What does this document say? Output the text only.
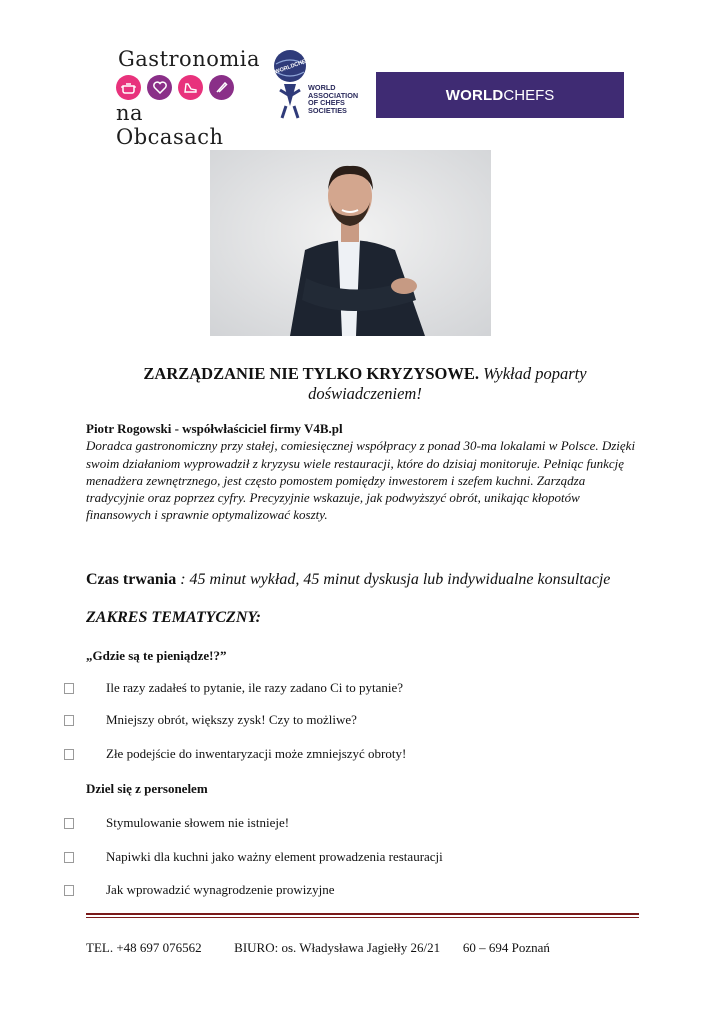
Gastronomia
na Obcasach
WORLDCHEFS
WORLD
ASSOCIATION
OF CHEFS
SOCIETIES
WORLD CHEFS
ZARZĄDZANIE NIE TYLKO KRYZYSOWE. Wykład poparty
doświadczeniem!
Piotr Rogowski - współwłaściciel firmy V4B.pl
Doradca gastronomiczny przy stałej, comiesięcznej współpracy z ponad 30-ma lokalami w Polsce. Dzięki swoim działaniom wyprowadził z kryzysu wiele restauracji, które do dzisiaj monitoruje. Pełniąc funkcję menadżera zewnętrznego, jest często pomostem pomiędzy inwestorem i szefem kuchni. Zarządza tradycyjnie oraz poprzez cyfry. Precyzyjnie wskazuje, jak podwyższyć obrót, unikając kłopotów finansowych i sprawnie optymalizować koszty.
Czas trwania : 45 minut wykład, 45 minut dyskusja lub indywidualne konsultacje
ZAKRES TEMATYCZNY:
„Gdzie są te pieniądze!?”
Ile razy zadałeś to pytanie, ile razy zadano Ci to pytanie?
Mniejszy obrót, większy zysk! Czy to możliwe?
Złe podejście do inwentaryzacji może zmniejszyć obroty!
Dziel się z personelem
Stymulowanie słowem nie istnieje!
Napiwki dla kuchni jako ważny element prowadzenia restauracji
Jak wprowadzić wynagrodzenie prowizyjne
TEL. +48 697 076562	BIURO: os. Władysława Jagiełły 26/21 60 – 694 Poznań
